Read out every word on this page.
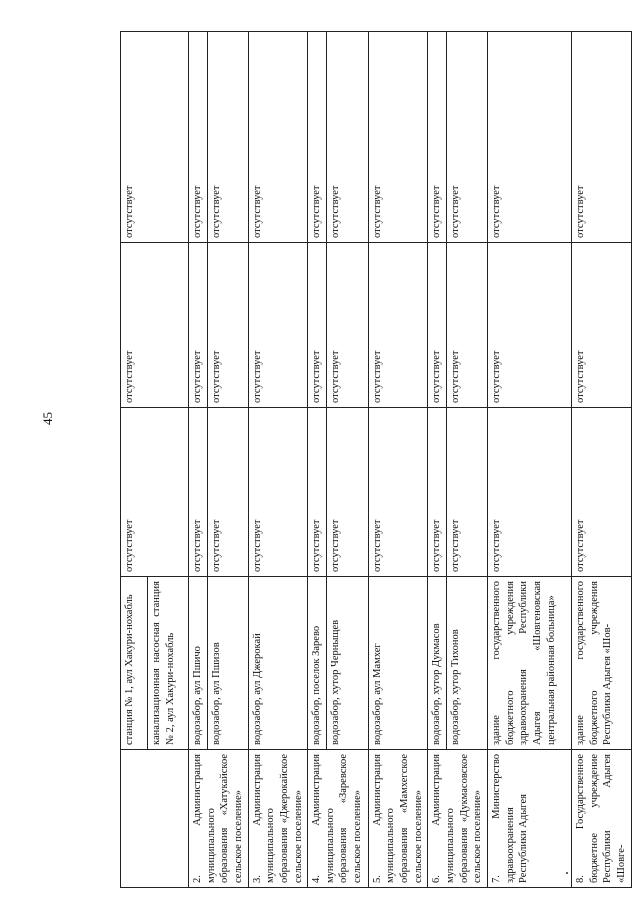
45
	станция № 1, аул Хакури-нохабль	отсутствует	отсутствует	отсутствует
	канализационная насосная станция № 2, аул Хакури-нохабль			
2. Администрация муниципального образования «Хатукайское сельское поселение»	водозабор, аул Пшичо	отсутствует	отсутствует	отсутствует
	водозабор, аул Пшизов	отсутствует	отсутствует	отсутствует
3. Администрация муниципального образования «Джерокайское сельское поселение»	водозабор, аул Джерокай	отсутствует	отсутствует	отсутствует
4. Администрация муниципального образования «Заревское сельское поселение»	водозабор, поселок Зарево	отсутствует	отсутствует	отсутствует
	водозабор, хутор Черныщев	отсутствует	отсутствует	отсутствует
5. Администрация муниципального образования «Мамхегское сельское поселение»	водозабор, аул Мамхег	отсутствует	отсутствует	отсутствует
6. Администрация муниципального образования «Дукмасовское сельское поселение»	водозабор, хутор Дукмасов	отсутствует	отсутствует	отсутствует
	водозабор, хутор Тихонов	отсутствует	отсутствует	отсутствует
7. Министерство здравоохранения Республики Адыгея	здание государственного бюджетного учреждения здравоохранения Республики Адыгея «Шовгеновская центральная районная больница»	отсутствует	отсутствует	отсутствует
8. Государственное бюджетное учреждение Республики Адыгея «Шовге-	здание государственного бюджетного учреждения Республики Адыгея «Шов-	отсутствует	отсутствует	отсутствует
